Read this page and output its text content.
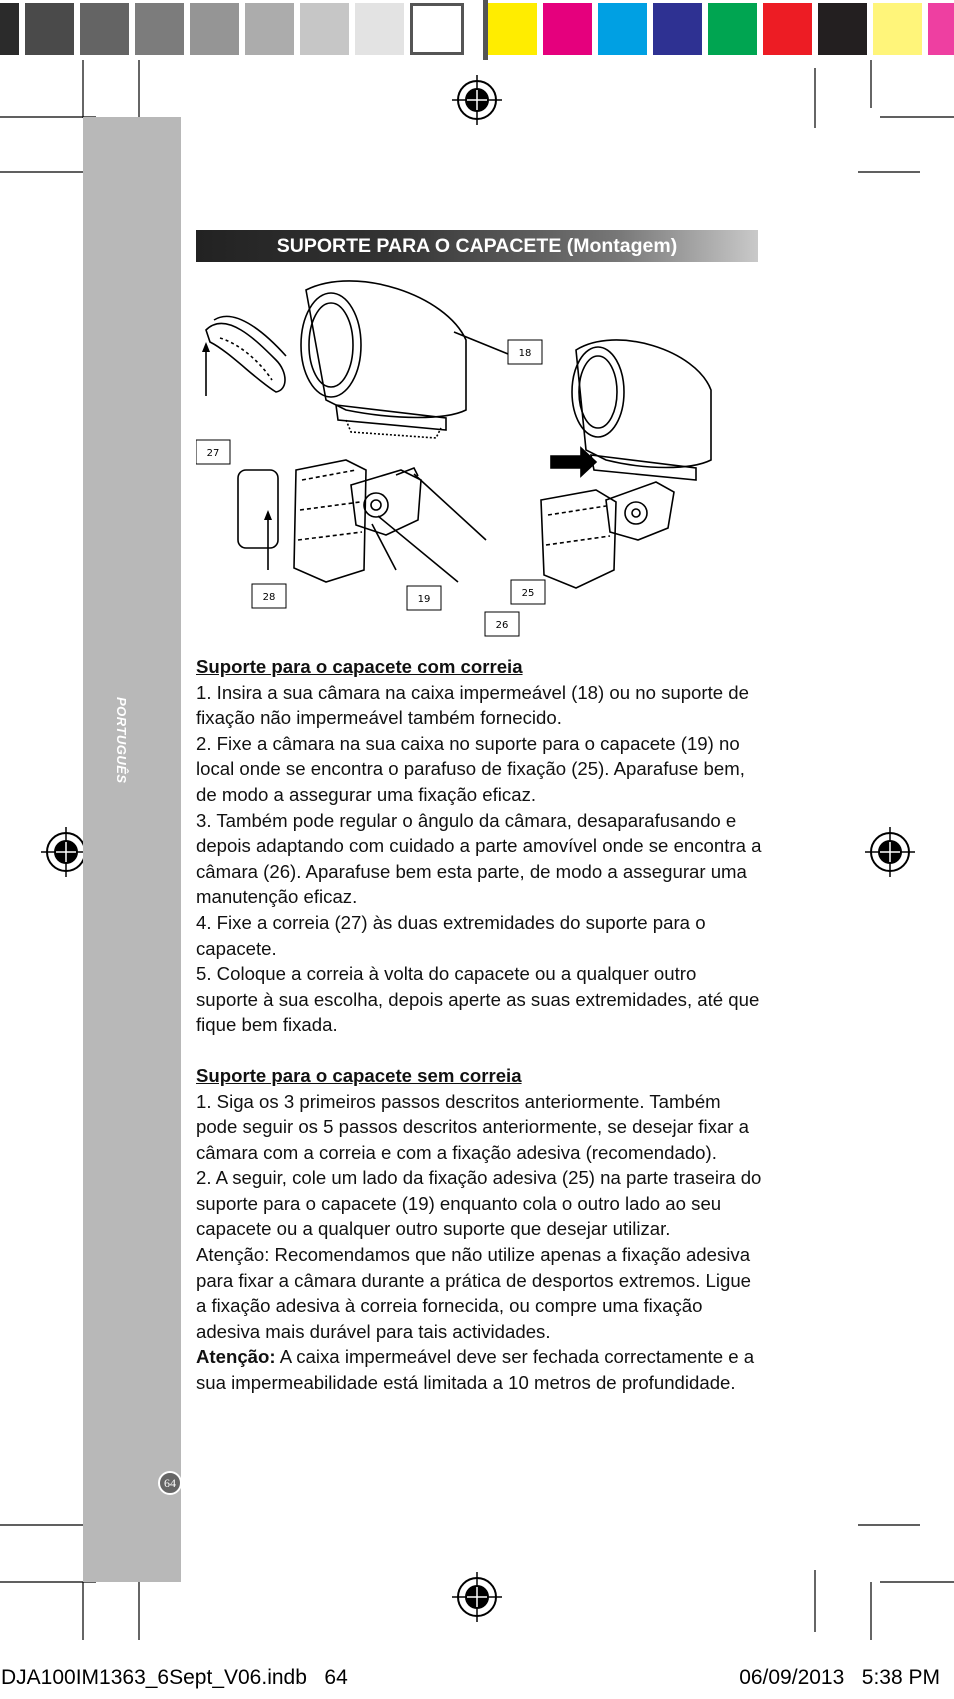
PORTUGUÊS
64
SUPORTE PARA O CAPACETE (Montagem)
18
27
28	19
25
26

Suporte para o capacete com correia

1. Insira a sua câmara na caixa impermeável (18) ou no suporte de fixação não impermeável também fornecido.

2. Fixe a câmara na sua caixa no suporte para o capacete (19) no local onde se encontra o parafuso de fixação (25). Aparafuse bem, de modo a assegurar uma fixação eficaz.

3. Também pode regular o ângulo da câmara, desaparafusando e depois adaptando com cuidado a parte amovível onde se encontra a câmara (26). Aparafuse bem esta parte, de modo a assegurar uma manutenção eficaz.

4. Fixe a correia (27) às duas extremidades do suporte para o capacete.

5. Coloque a correia à volta do capacete ou a qualquer outro suporte à sua escolha, depois aperte as suas extremidades, até que fique bem fixada.

Suporte para o capacete sem correia

1. Siga os 3 primeiros passos descritos anteriormente. Também pode seguir os 5 passos descritos anteriormente, se desejar fixar a câmara com a correia e com a fixação adesiva (recomendado).

2. A seguir, cole um lado da fixação adesiva (25) na parte traseira do suporte para o capacete (19) enquanto cola o outro lado ao seu capacete ou a qualquer outro suporte que desejar utilizar.

Atenção: Recomendamos que não utilize apenas a fixação adesiva para fixar a câmara durante a prática de desportos extremos. Ligue a fixação adesiva à correia fornecida, ou compre uma fixação adesiva mais durável para tais actividades.

Atenção: A caixa impermeável deve ser fechada correctamente e a sua impermeabilidade está limitada a 10 metros de profundidade.

DJA100IM1363_6Sept_V06.indb   64	06/09/2013   5:38 PM
